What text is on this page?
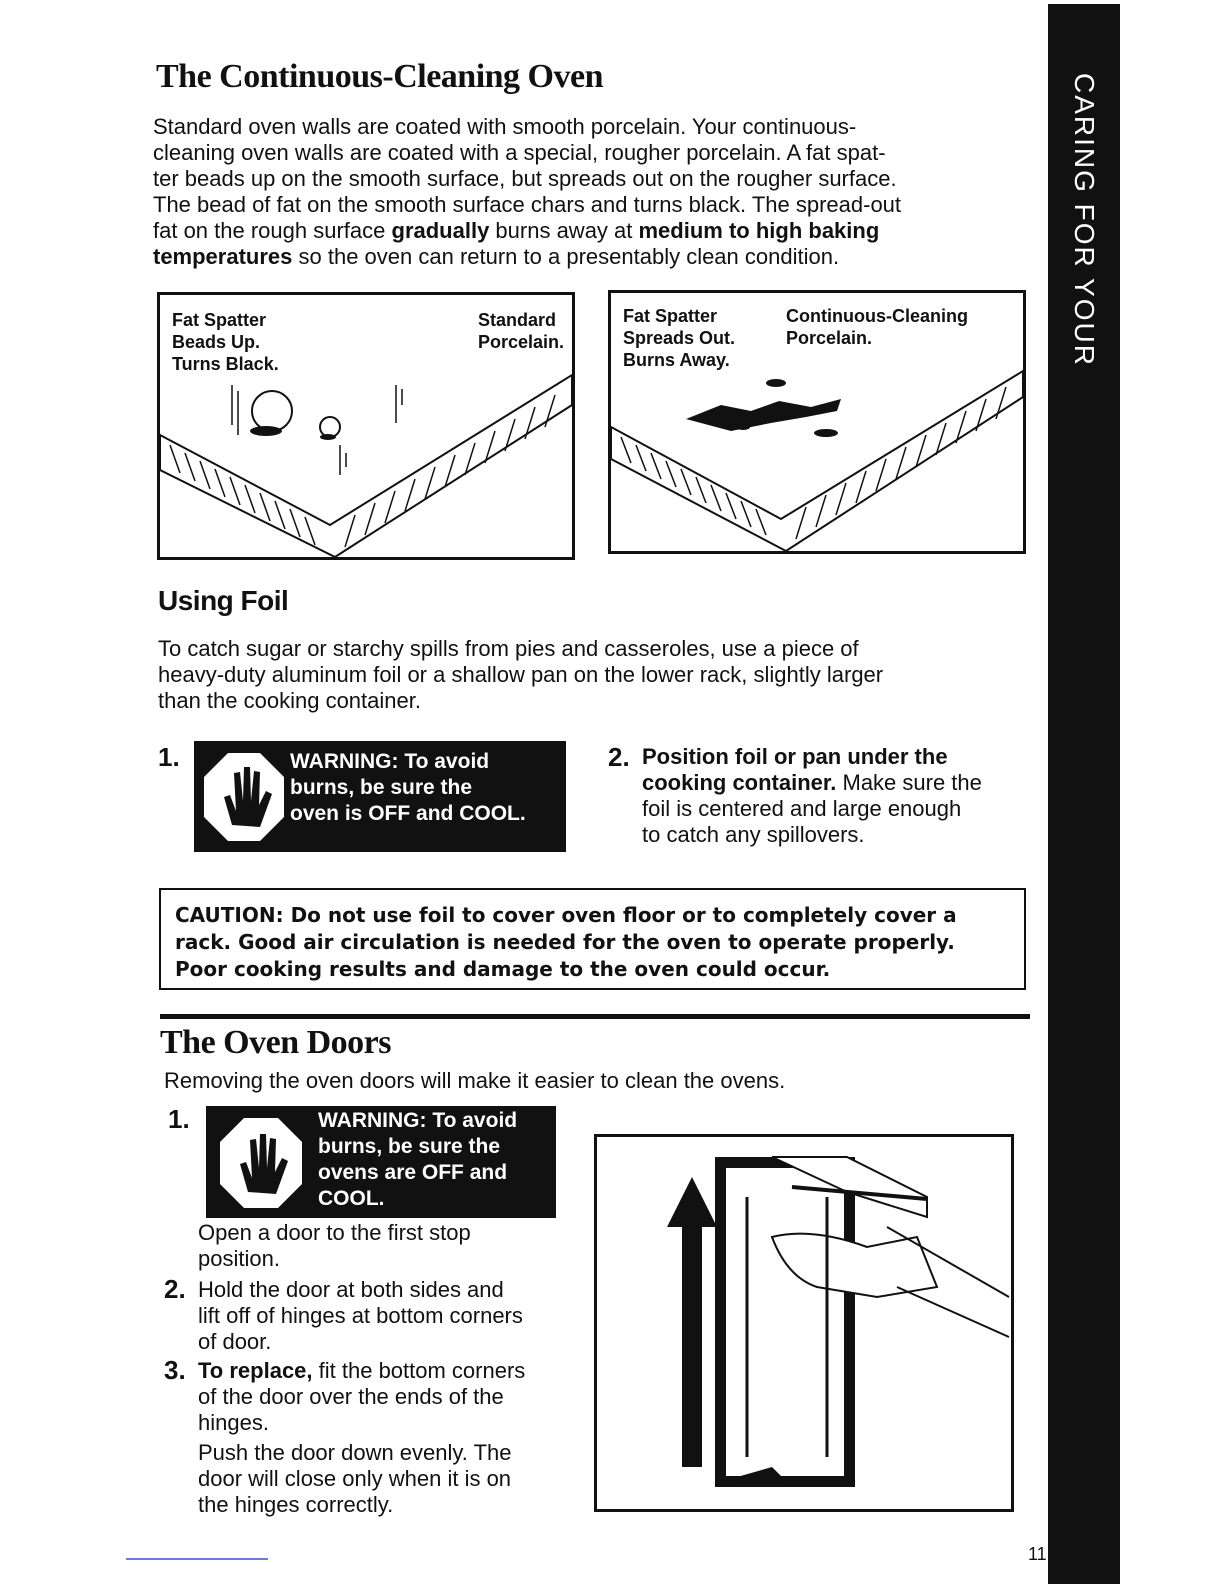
CARING FOR YOUR OVEN
The Continuous-Cleaning Oven
Standard oven walls are coated with smooth porcelain. Your continuous-
cleaning oven walls are coated with a special, rougher porcelain. A fat spat-
ter beads up on the smooth surface, but spreads out on the rougher surface.
The bead of fat on the smooth surface chars and turns black. The spread-out
fat on the rough surface gradually burns away at medium to high baking
temperatures so the oven can return to a presentably clean condition.
Fat Spatter
Beads Up.
Turns Black.
Standard
Porcelain.
Fat Spatter
Spreads Out.
Burns Away.
Continuous-Cleaning
Porcelain.
Using Foil
To catch sugar or starchy spills from pies and casseroles, use a piece of
heavy-duty aluminum foil or a shallow pan on the lower rack, slightly larger
than the cooking container.
1.	WARNING: To avoid
burns, be sure the
oven is OFF and COOL.
2. Position foil or pan under the
cooking container. Make sure the
foil is centered and large enough
to catch any spillovers.
CAUTION: Do not use foil to cover oven floor or to completely cover a
rack. Good air circulation is needed for the oven to operate properly.
Poor cooking results and damage to the oven could occur.
The Oven Doors
Removing the oven doors will make it easier to clean the ovens.
1.	WARNING: To avoid
burns, be sure the
ovens are OFF and
COOL.
Open a door to the first stop
position.
2. Hold the door at both sides and
lift off of hinges at bottom corners
of door.
3. To replace, fit the bottom corners
of the door over the ends of the
hinges.
Push the door down evenly. The
door will close only when it is on
the hinges correctly.
11
